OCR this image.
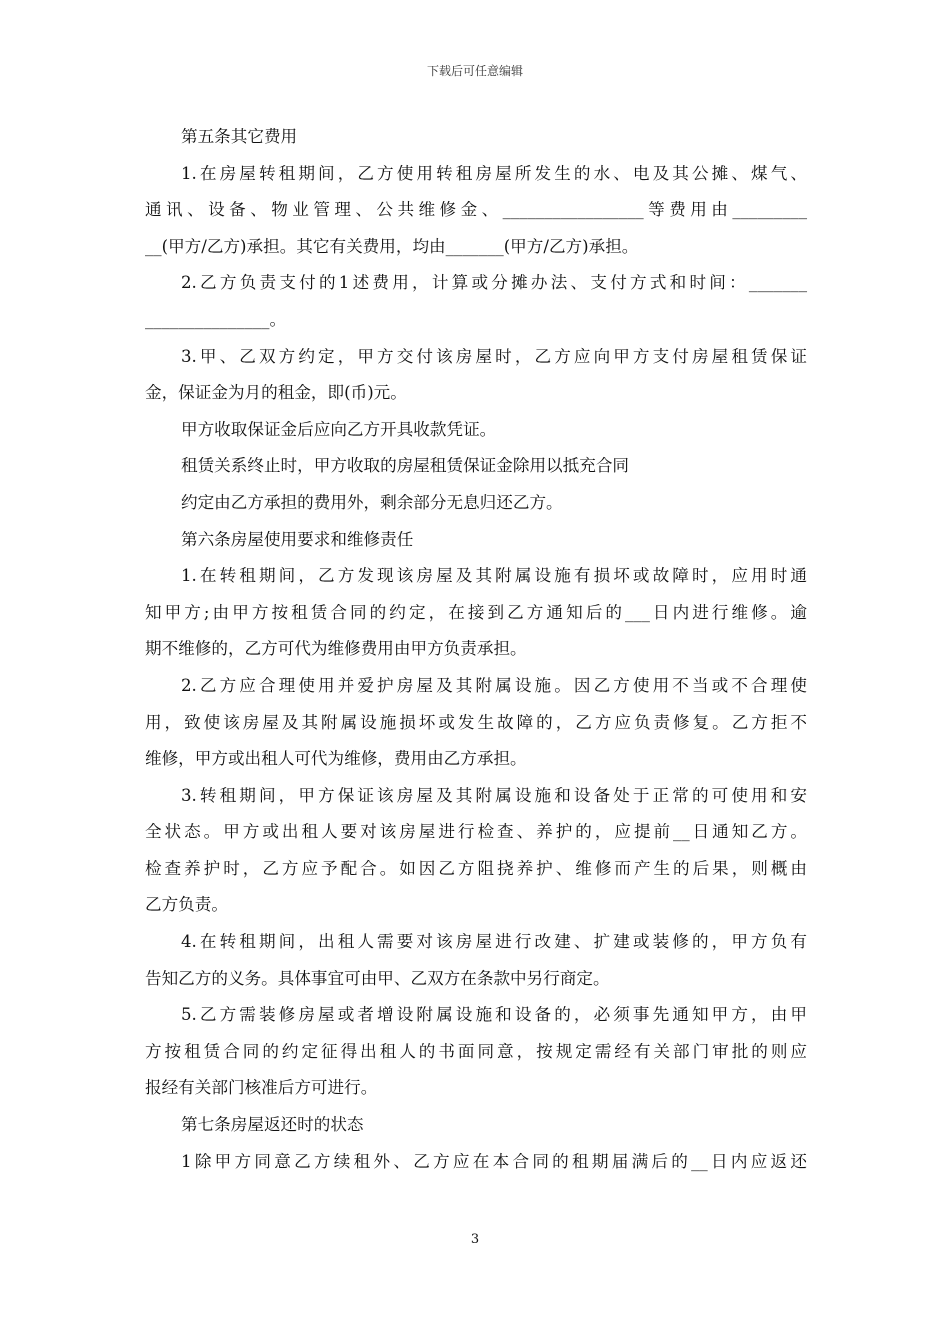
下载后可任意编辑
第五条其它费用
1.在房屋转租期间，乙方使用转租房屋所发生的水、电及其公摊、煤气、
通讯、设备、物业管理、公共维修金、_________________等费用由_________
__(甲方/乙方)承担。其它有关费用，均由_______(甲方/乙方)承担。
2.乙方负责支付的1述费用，计算或分摊办法、支付方式和时间：_______
_______________。
3.甲、乙双方约定，甲方交付该房屋时，乙方应向甲方支付房屋租赁保证
金，保证金为月的租金，即(币)元。
甲方收取保证金后应向乙方开具收款凭证。
租赁关系终止时，甲方收取的房屋租赁保证金除用以抵充合同
约定由乙方承担的费用外，剩余部分无息归还乙方。
第六条房屋使用要求和维修责任
1.在转租期间，乙方发现该房屋及其附属设施有损坏或故障时，应用时通
知甲方;由甲方按租赁合同的约定，在接到乙方通知后的___日内进行维修。逾
期不维修的，乙方可代为维修费用由甲方负责承担。
2.乙方应合理使用并爱护房屋及其附属设施。因乙方使用不当或不合理使
用，致使该房屋及其附属设施损坏或发生故障的，乙方应负责修复。乙方拒不
维修，甲方或出租人可代为维修，费用由乙方承担。
3.转租期间，甲方保证该房屋及其附属设施和设备处于正常的可使用和安
全状态。甲方或出租人要对该房屋进行检查、养护的，应提前__日通知乙方。
检查养护时，乙方应予配合。如因乙方阻挠养护、维修而产生的后果，则概由
乙方负责。
4.在转租期间，出租人需要对该房屋进行改建、扩建或装修的，甲方负有
告知乙方的义务。具体事宜可由甲、乙双方在条款中另行商定。
5.乙方需装修房屋或者增设附属设施和设备的，必须事先通知甲方，由甲
方按租赁合同的约定征得出租人的书面同意，按规定需经有关部门审批的则应
报经有关部门核准后方可进行。
第七条房屋返还时的状态
1除甲方同意乙方续租外、乙方应在本合同的租期届满后的__日内应返还
3
